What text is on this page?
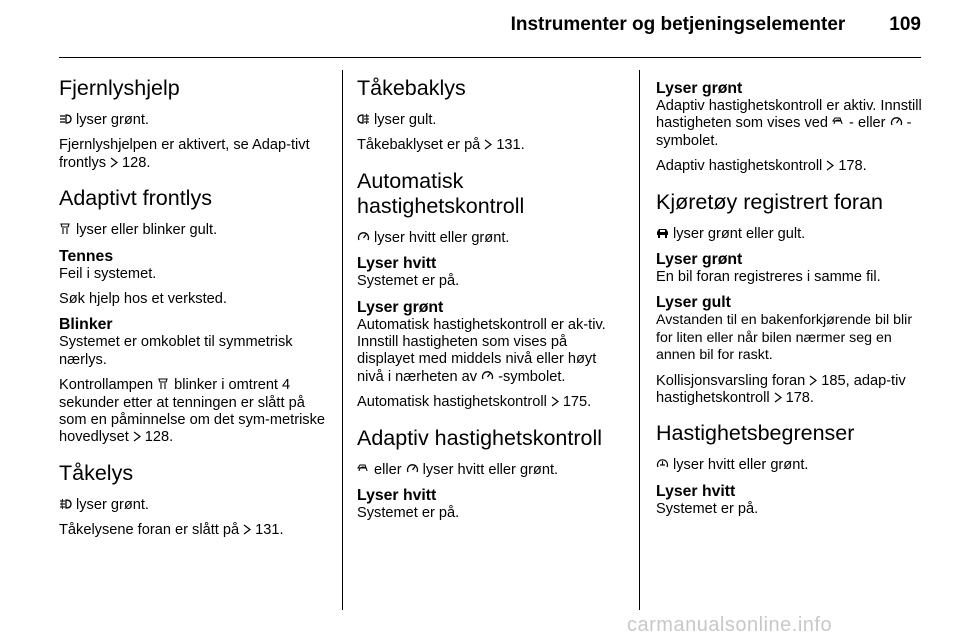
Instrumenter og betjeningselementer 109
Fjernlyshjelp

lyser grønt.

Fjernlyshjelpen er aktivert, se Adap-tivt frontlys 128.

Adaptivt frontlys

lyser eller blinker gult.

Tennes

Feil i systemet.

Søk hjelp hos et verksted.

Blinker

Systemet er omkoblet til symmetrisk nærlys.

Kontrollampen blinker i omtrent 4 sekunder etter at tenningen er slått på som en påminnelse om det sym-metriske hovedlyset 128.

Tåkelys

lyser grønt.

Tåkelysene foran er slått på 131.

Tåkebaklys

lyser gult.

Tåkebaklyset er på 131.

Automatisk hastighetskontroll

lyser hvitt eller grønt.

Lyser hvitt

Systemet er på.

Lyser grønt

Automatisk hastighetskontroll er ak-tiv. Innstill hastigheten som vises på displayet med middels nivå eller høyt nivå i nærheten av -symbolet.

Automatisk hastighetskontroll 175.

Adaptiv hastighetskontroll

eller lyser hvitt eller grønt.

Lyser hvitt

Systemet er på.

Lyser grønt

Adaptiv hastighetskontroll er aktiv. Innstill hastigheten som vises ved - eller -symbolet.

Adaptiv hastighetskontroll 178.

Kjøretøy registrert foran

lyser grønt eller gult.

Lyser grønt

En bil foran registreres i samme fil.

Lyser gult

Avstanden til en bakenforkjørende bil blir for liten eller når bilen nærmer seg en annen bil for raskt.

Kollisjonsvarsling foran 185, adap-tiv hastighetskontroll 178.

Hastighetsbegrenser

lyser hvitt eller grønt.

Lyser hvitt

Systemet er på.

carmanualsonline.info
